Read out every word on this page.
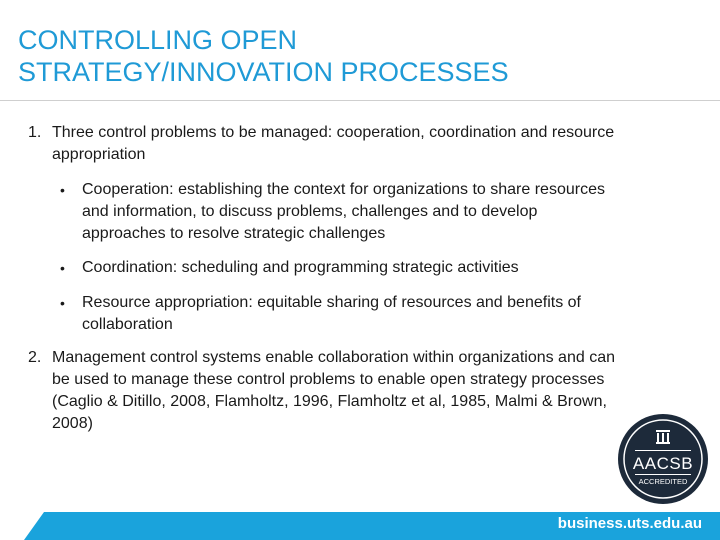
CONTROLLING OPEN
STRATEGY/INNOVATION PROCESSES
1. Three control problems to be managed: cooperation, coordination and resource appropriation
•	Cooperation: establishing the context for organizations to share resources and information, to discuss problems, challenges and to develop approaches to resolve strategic challenges
•	Coordination: scheduling and programming strategic activities
•	Resource appropriation: equitable sharing of resources and benefits of collaboration
2. Management control systems enable collaboration within organizations and can be used to manage these control problems to enable open strategy processes (Caglio & Ditillo, 2008, Flamholtz, 1996, Flamholtz et al, 1985, Malmi & Brown, 2008)
AACSB
ACCREDITED
business.uts.edu.au
